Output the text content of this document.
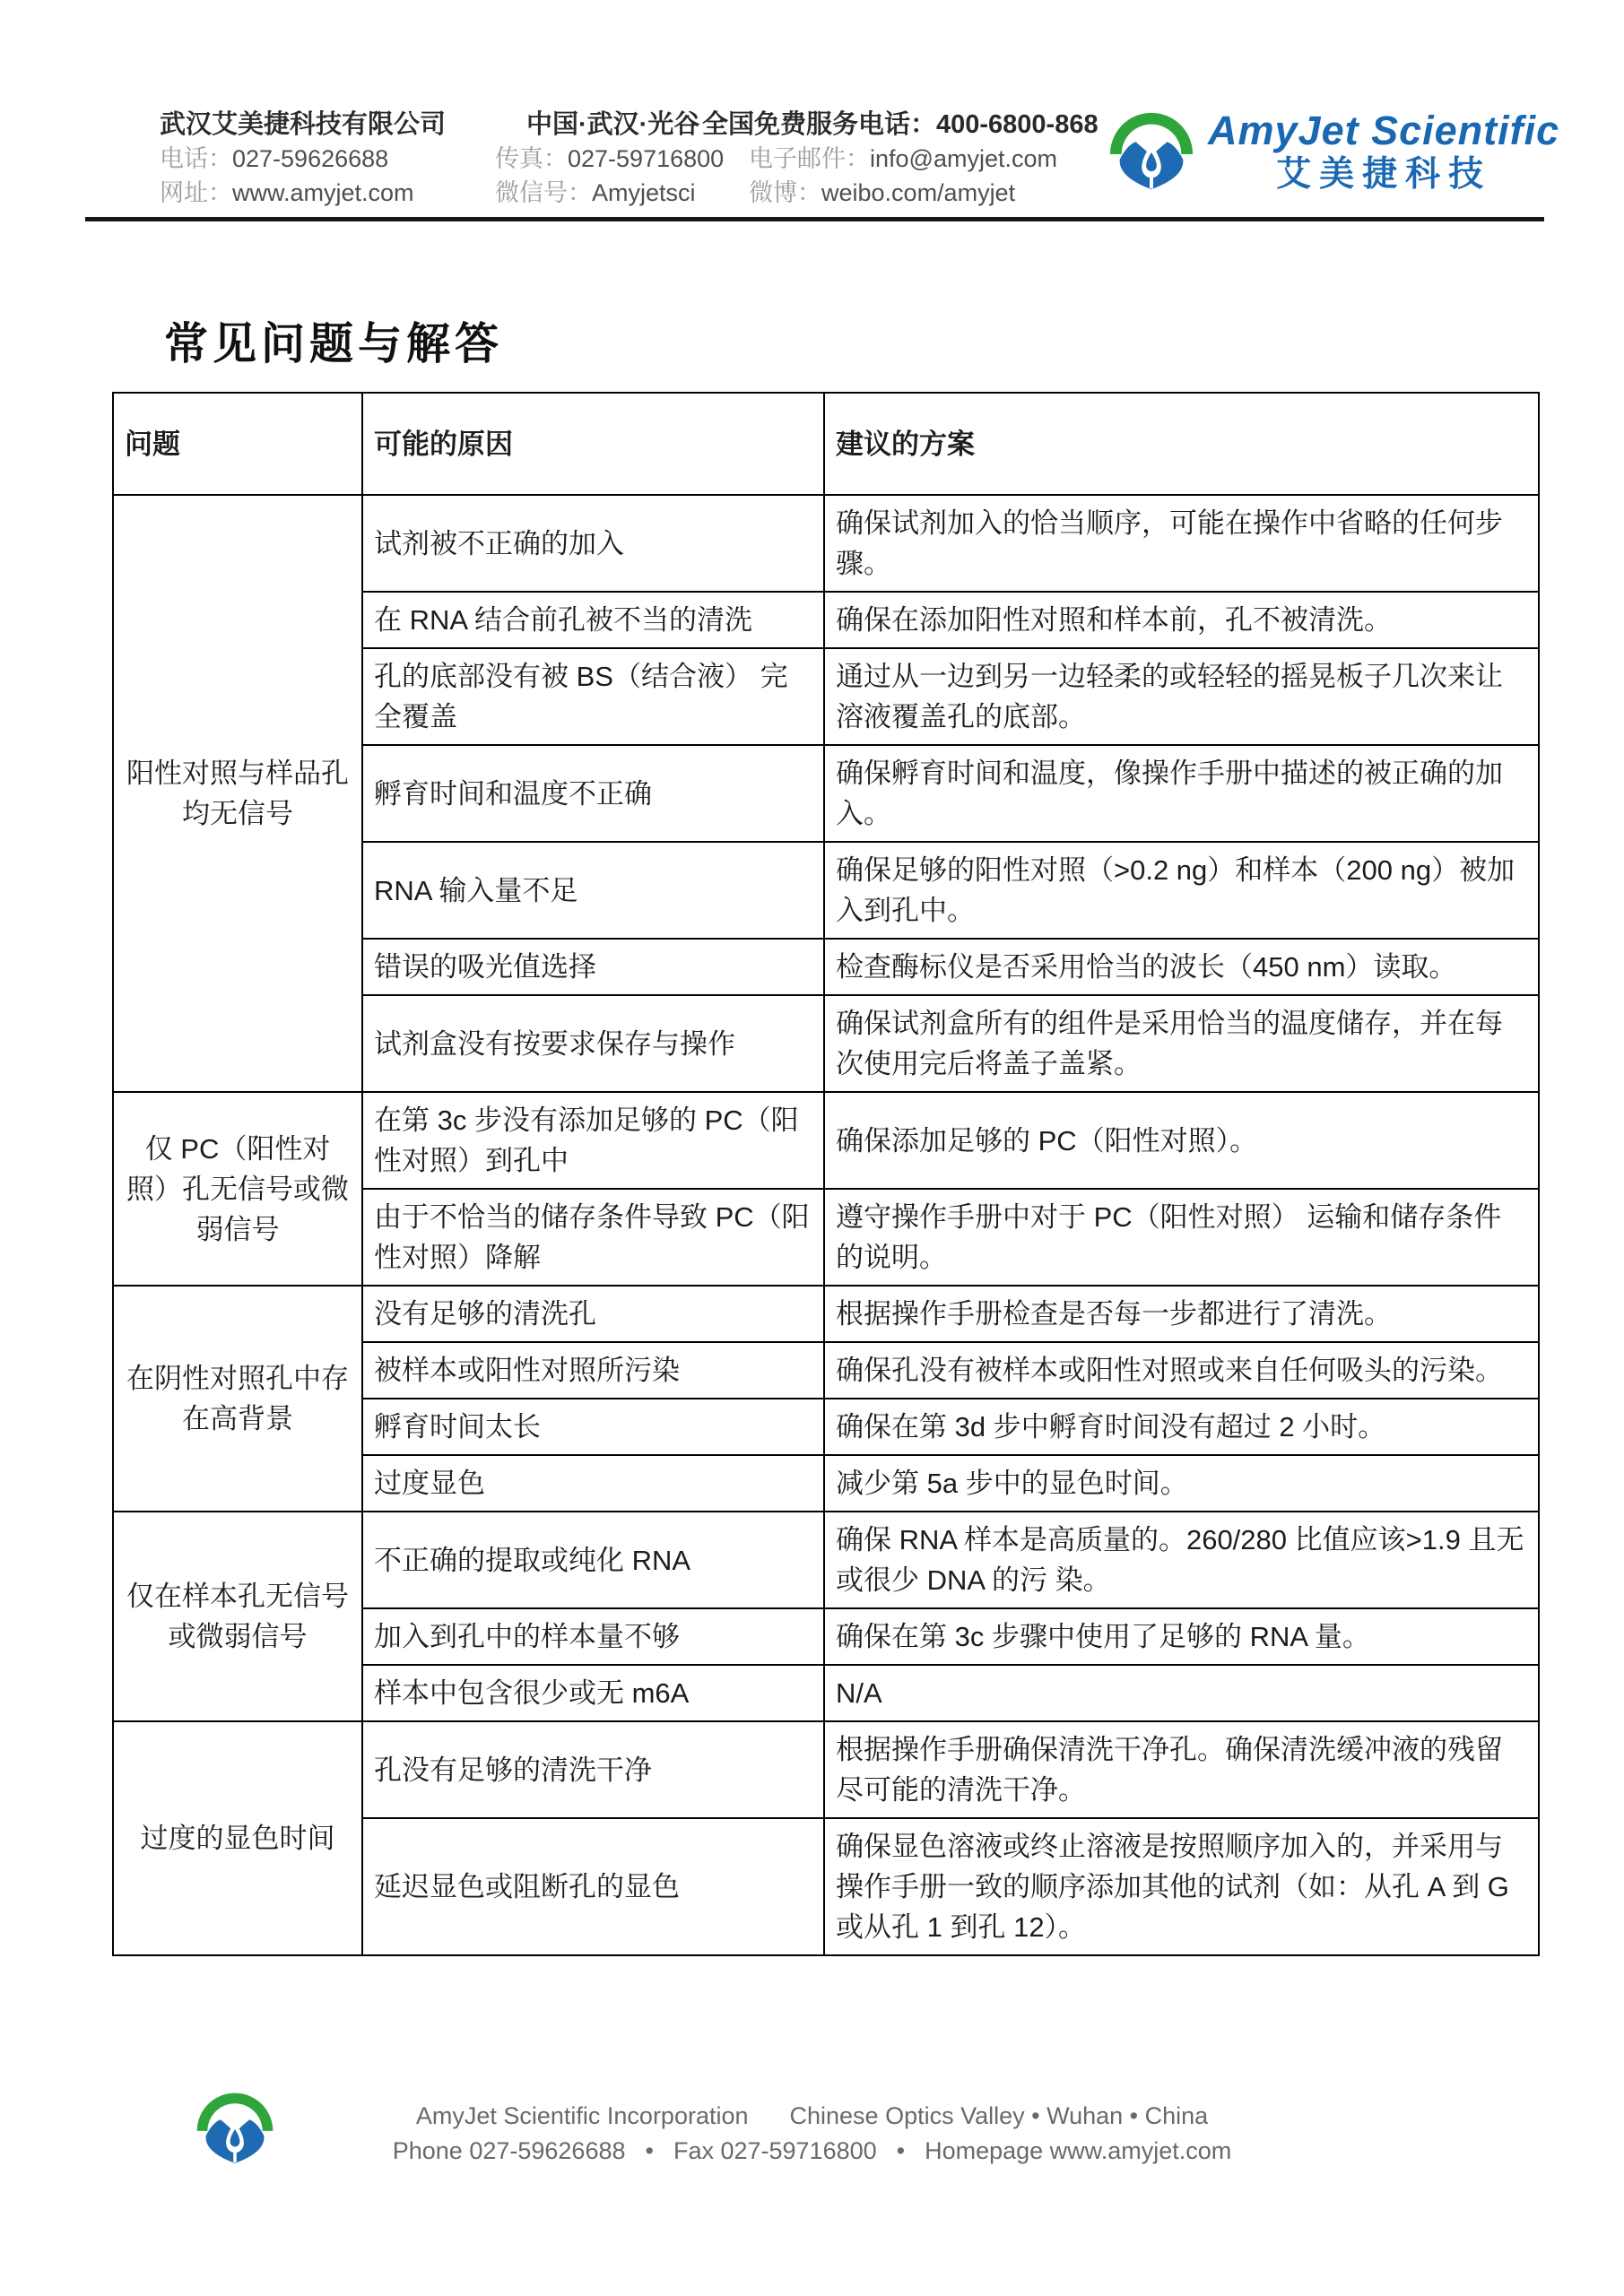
武汉艾美捷科技有限公司
电话：027-59626688
网址：www.amyjet.com
中国·武汉·光谷
传真：027-59716800
微信号：Amyjetsci
全国免费服务电话：400-6800-868
电子邮件：info@amyjet.com
微博：weibo.com/amyjet
AmyJet Scientific
艾美捷科技
常见问题与解答
问题	可能的原因	建议的方案
阳性对照与样品孔均无信号	试剂被不正确的加入	确保试剂加入的恰当顺序，可能在操作中省略的任何步骤。
	在 RNA 结合前孔被不当的清洗	确保在添加阳性对照和样本前，孔不被清洗。
	孔的底部没有被 BS（结合液） 完全覆盖	通过从一边到另一边轻柔的或轻轻的摇晃板子几次来让溶液覆盖孔的底部。
	孵育时间和温度不正确	确保孵育时间和温度，像操作手册中描述的被正确的加入。
	RNA 输入量不足	确保足够的阳性对照（>0.2 ng）和样本（200 ng）被加入到孔中。
	错误的吸光值选择	检查酶标仪是否采用恰当的波长（450 nm）读取。
	试剂盒没有按要求保存与操作	确保试剂盒所有的组件是采用恰当的温度储存，并在每次使用完后将盖子盖紧。
仅 PC（阳性对照）孔无信号或微弱信号	在第 3c 步没有添加足够的 PC（阳性对照）到孔中	确保添加足够的 PC（阳性对照）。
	由于不恰当的储存条件导致 PC（阳性对照）降解	遵守操作手册中对于 PC（阳性对照） 运输和储存条件的说明。
在阴性对照孔中存在高背景	没有足够的清洗孔	根据操作手册检查是否每一步都进行了清洗。
	被样本或阳性对照所污染	确保孔没有被样本或阳性对照或来自任何吸头的污染。
	孵育时间太长	确保在第 3d 步中孵育时间没有超过 2 小时。
	过度显色	减少第 5a 步中的显色时间。
仅在样本孔无信号或微弱信号	不正确的提取或纯化 RNA	确保 RNA 样本是高质量的。260/280 比值应该>1.9 且无或很少 DNA 的污 染。
	加入到孔中的样本量不够	确保在第 3c 步骤中使用了足够的 RNA 量。
	样本中包含很少或无 m6A	N/A
过度的显色时间	孔没有足够的清洗干净	根据操作手册确保清洗干净孔。确保清洗缓冲液的残留尽可能的清洗干净。
	延迟显色或阻断孔的显色	确保显色溶液或终止溶液是按照顺序加入的，并采用与操作手册一致的顺序添加其他的试剂（如：从孔 A 到 G 或从孔 1 到孔 12）。
AmyJet Scientific Incorporation Chinese Optics Valley • Wuhan • China
Phone 027-59626688 • Fax 027-59716800 • Homepage www.amyjet.com
